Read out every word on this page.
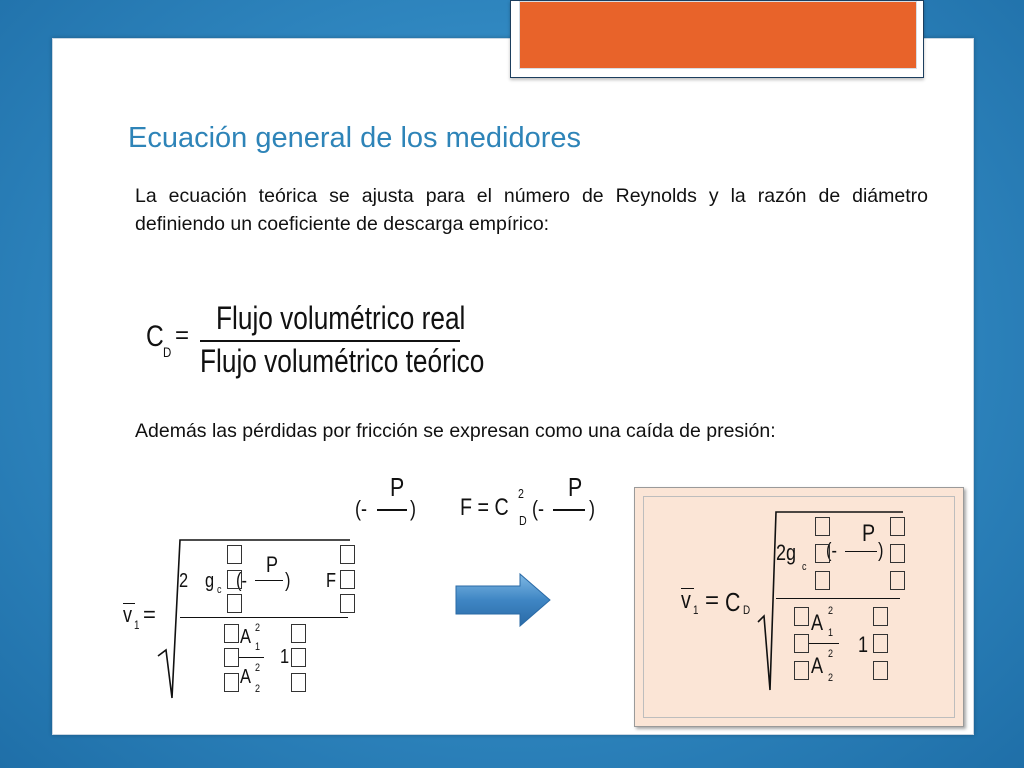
Ecuación general de los medidores

La ecuación teórica se ajusta para el número de Reynolds y la razón de diámetro definiendo un coeficiente de descarga empírico:

C D
= Flujo volumétrico real
Flujo volumétrico teórico

Además las pérdidas por fricción se expresan como una caída de presión:

(-
P
) F = C
2
D (-
P
)
v 1 =
2 g c (-
P
) F
A 2
1
A 2
2
1
v 1 = C D
2g
c
(-
P
)
A 2
1
A 2
2
1
